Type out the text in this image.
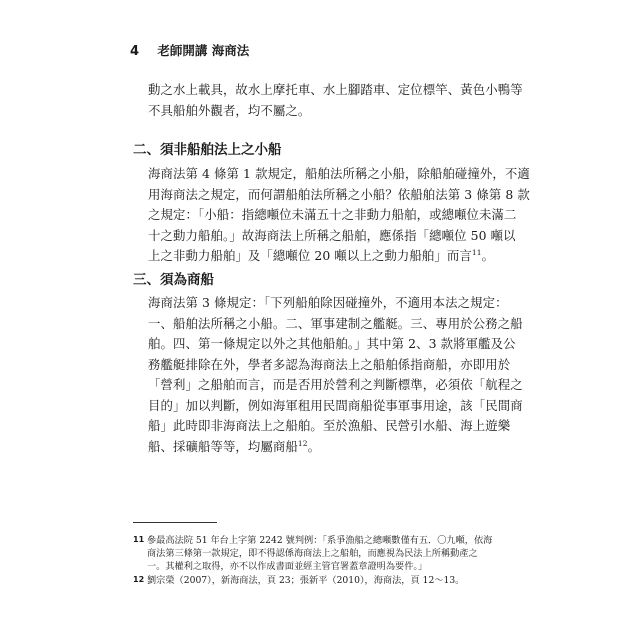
4 老師開講 海商法
動之水上載具，故水上摩托車、水上腳踏車、定位標竿、黃色小鴨等
不具船舶外觀者，均不屬之。
二、須非船舶法上之小船
海商法第 4 條第 1 款規定，船舶法所稱之小船，除船舶碰撞外，不適
用海商法之規定，而何謂船舶法所稱之小船？依船舶法第 3 條第 8 款
之規定：「小船：指總噸位未滿五十之非動力船舶，或總噸位未滿二
十之動力船舶。」故海商法上所稱之船舶，應係指「總噸位 50 噸以
上之非動力船舶」及「總噸位 20 噸以上之動力船舶」而言$^{11}$。
三、須為商船
海商法第 3 條規定：「下列船舶除因碰撞外，不適用本法之規定：
一、船舶法所稱之小船。二、軍事建制之艦艇。三、專用於公務之船
舶。四、第一條規定以外之其他船舶。」其中第 2、3 款將軍艦及公
務艦艇排除在外，學者多認為海商法上之船舶係指商船，亦即用於
「營利」之船舶而言，而是否用於營利之判斷標準，必須依「航程之
目的」加以判斷，例如海軍租用民間商船從事軍事用途，該「民間商
船」此時即非海商法上之船舶。至於漁船、民營引水船、海上遊樂
船、採礦船等等，均屬商船$^{12}$。
11 參最高法院 51 年台上字第 2242 號判例：「系爭漁船之總噸數僅有五．〇九噸，依海
商法第三條第一款規定，即不得認係海商法上之船舶，而應視為民法上所稱動產之
一。其權利之取得，亦不以作成書面並經主管官署蓋章證明為要件。」
12 劉宗榮（2007），新海商法，頁 23；張新平（2010），海商法，頁 12～13。
